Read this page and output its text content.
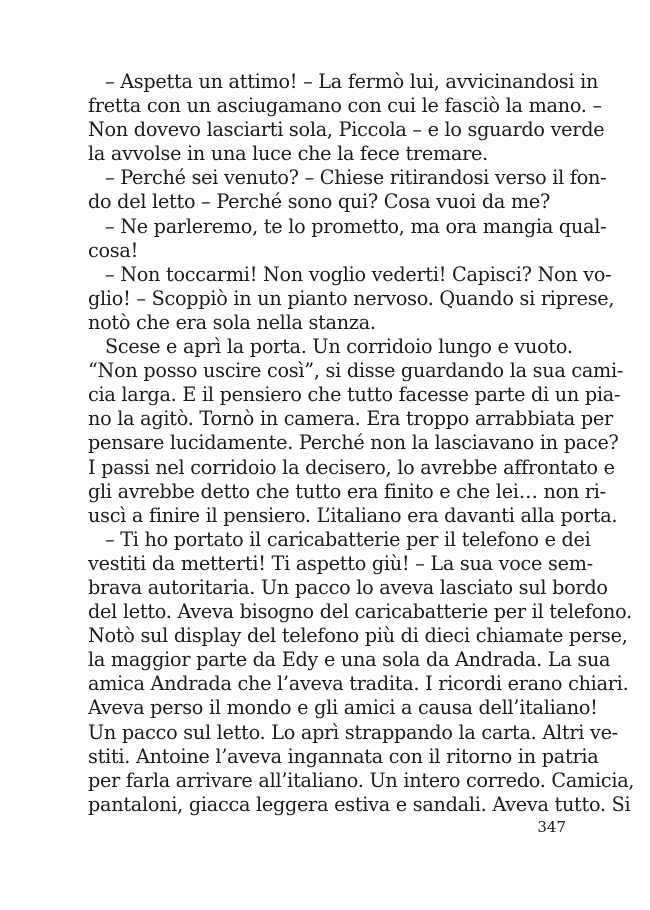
– Aspetta un attimo! – La fermò lui, avvicinandosi in
fretta con un asciugamano con cui le fasciò la mano. –
Non dovevo lasciarti sola, Piccola – e lo sguardo verde
la avvolse in una luce che la fece tremare.
– Perché sei venuto? – Chiese ritirandosi verso il fon-
do del letto – Perché sono qui? Cosa vuoi da me?
– Ne parleremo, te lo prometto, ma ora mangia qual-
cosa!
– Non toccarmi! Non voglio vederti! Capisci? Non vo-
glio! – Scoppiò in un pianto nervoso. Quando si riprese,
notò che era sola nella stanza.
Scese e aprì la porta. Un corridoio lungo e vuoto.
“Non posso uscire così”, si disse guardando la sua cami-
cia larga. E il pensiero che tutto facesse parte di un pia-
no la agitò. Tornò in camera. Era troppo arrabbiata per
pensare lucidamente. Perché non la lasciavano in pace?
I passi nel corridoio la decisero, lo avrebbe affrontato e
gli avrebbe detto che tutto era finito e che lei… non ri-
uscì a finire il pensiero. L’italiano era davanti alla porta.
– Ti ho portato il caricabatterie per il telefono e dei
vestiti da metterti! Ti aspetto giù! – La sua voce sem-
brava autoritaria. Un pacco lo aveva lasciato sul bordo
del letto. Aveva bisogno del caricabatterie per il telefono.
Notò sul display del telefono più di dieci chiamate perse,
la maggior parte da Edy e una sola da Andrada. La sua
amica Andrada che l’aveva tradita. I ricordi erano chiari.
Aveva perso il mondo e gli amici a causa dell’italiano!
Un pacco sul letto. Lo aprì strappando la carta. Altri ve-
stiti. Antoine l’aveva ingannata con il ritorno in patria
per farla arrivare all’italiano. Un intero corredo. Camicia,
pantaloni, giacca leggera estiva e sandali. Aveva tutto. Si
347
